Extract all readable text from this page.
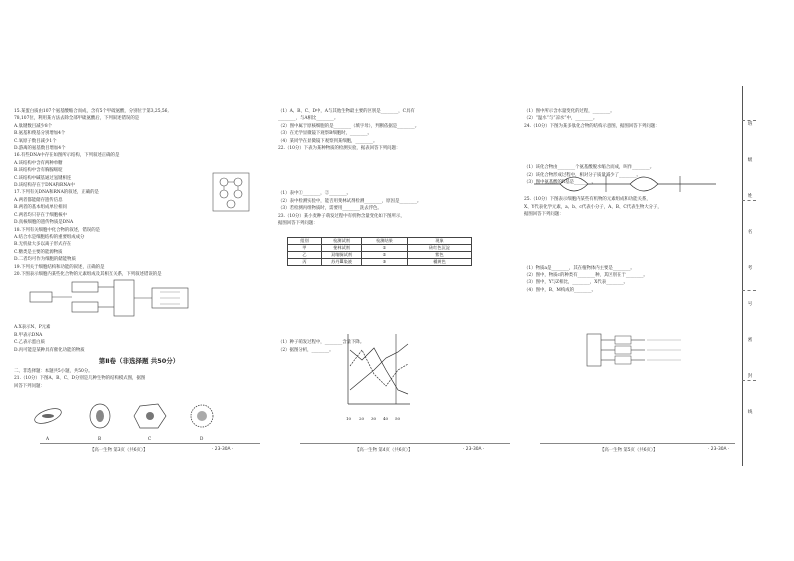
15.某蛋白质由107个氨基酸缩合而成，含有5个甲硫氨酸，分别位于第3,25,56,
78,107位，利用某方法去除全部甲硫氨酸后，下列叙述错误的是
A.肽键数目减少8个
B.氨基和羧基分别增加4个
C.氧原子数目减少1个
D.游离的氨基数目增加4个
16.有些DNA中存在如图所示结构，下列叙述正确的是
A.该结构中含有两种单糖
B.该结构中含有胸腺嘧啶
C.该结构中碱基通过氢键相连
D.该结构存在于DNA和RNA中
17.下列有关DNA和RNA的叙述，正确的是
A.两者都能储存遗传信息
B.两者的基本组成单位相同
C.两者均只存在于细胞核中
D.真核细胞的遗传物质是DNA
18.下列有关细胞中化合物的叙述，错误的是
A.结合水是细胞结构的重要组成成分
B.无机盐大多以离子形式存在
C.糖类是主要的能源物质
D.二者均可作为细胞的储能物质
19.下列关于细胞结构和功能的叙述，正确的是
20.下图表示细胞内某些化合物的元素组成及其相互关系，下列叙述错误的是
A.X表示N、P元素
B.甲表示DNA
C.乙表示蛋白质
D.丙可能是某种具有催化功能的物质
第Ⅱ卷（非选择题 共50分）
二、非选择题：本题共5小题，共50分。
21.（10分）下图A、B、C、D分别是几种生物的结构模式图，据图
回答下列问题：
A	B	C	D
（1）A、B、C、D中，A与其他生物最主要的区别是________，C具有
________，与A相比________。
（2）图中属于原核细胞的是________（填字母），判断依据是________。
（3）在光学显微镜下观察B细胞时，________。
（4）某同学在显微镜下观察到某细胞，________。
22.（10分）下表为某种物质的检测实验，据表回答下列问题：
（1）表中①________，②________。
（2）表中检测实验中，能否用斐林试剂检测________，原因是________。
（3）若检测丙组物质时，需要用________洗去浮色。
23.（10分）某小麦种子萌发过程中有机物含量变化如下图所示，
据图回答下列问题：
（1）种子萌发过程中，________含量下降。
（2）据图分析，________。
组别	检测试剂	检测结果	现象
甲	斐林试剂	①	砖红色沉淀
乙	双缩脲试剂	②	紫色
丙	苏丹Ⅲ染液	③	橘黄色
10 20 30 40 50
（1）图中所示含水量变化的过程，________。
（2）“温水”与“凉水”中，________。
24.（10分）下图为某多肽化合物的结构示意图，据图回答下列问题：
（1）该化合物由________个氨基酸脱水缩合而成，叫作________。
（2）该化合物形成过程中，相对分子质量减少了________。
（3）图中氨基酸的R基是________。
25.（10分）下图表示细胞内某些有机物的元素组成和功能关系，
X、Y代表化学元素，a、b、c代表小分子，A、B、C代表生物大分子，
据图回答下列问题：
（1）物质a是________，其在植物体内主要是________。
（2）图中，物质c的种类有________种，其区别在于________。
（3）图中，Y与Z相比，________，X代表________。
（4）图中，B、M构成的________。
【高一生物 第3页（共6页）】	· 23-30A ·	【高一生物 第4页（共6页）】	· 23-30A ·	【高一生物 第5页（共6页）】	· 23-30A ·
班
级
姓
名
考
号
密
封
线
